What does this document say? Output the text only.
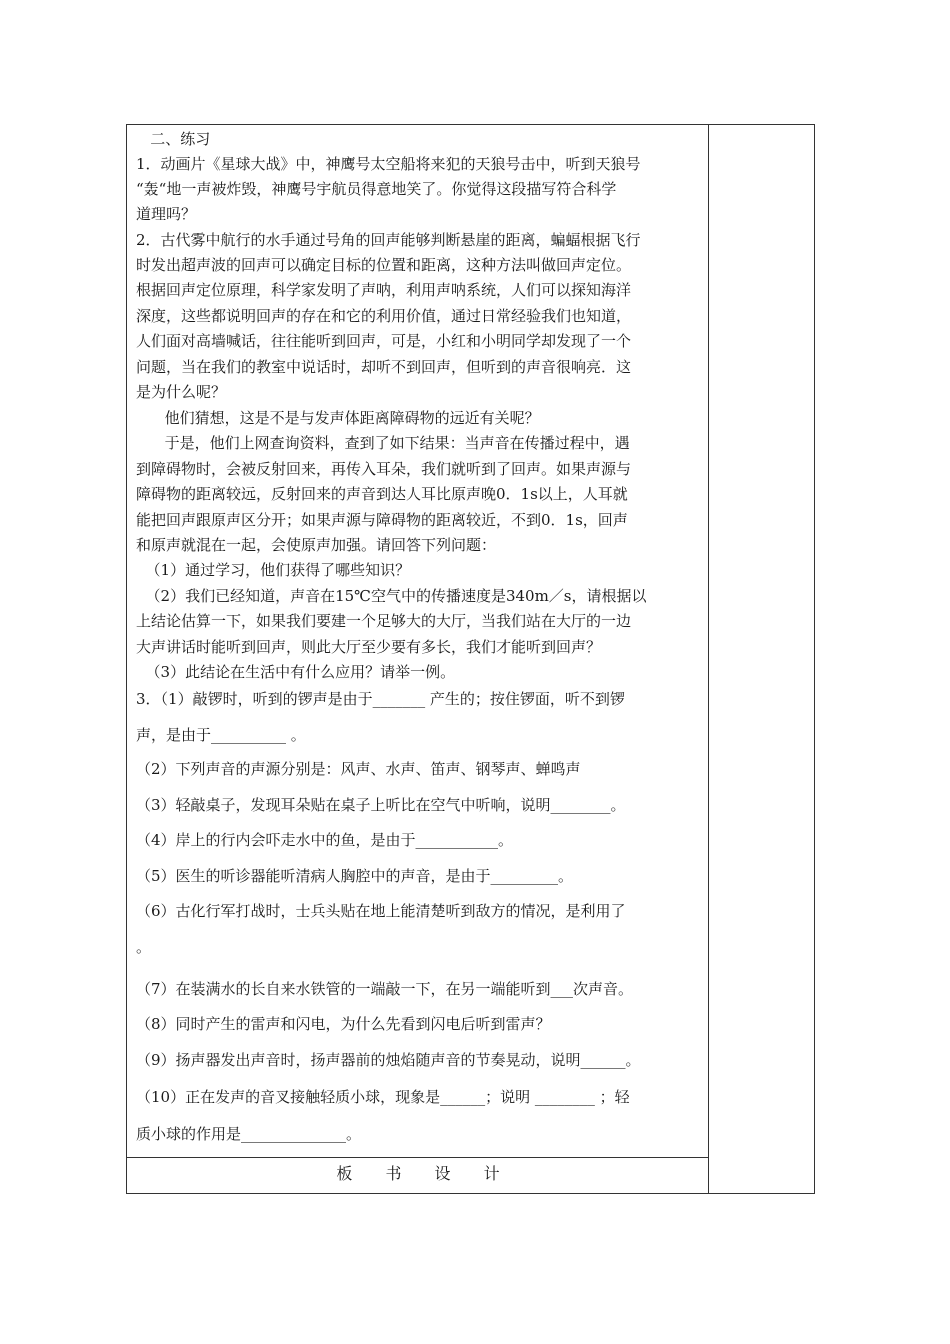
二、练习
1．动画片《星球大战》中，神鹰号太空船将来犯的天狼号击中，听到天狼号
“轰“地一声被炸毁，神鹰号宇航员得意地笑了。你觉得这段描写符合科学
道理吗？
2．古代雾中航行的水手通过号角的回声能够判断悬崖的距离，蝙蝠根据飞行
时发出超声波的回声可以确定目标的位置和距离，这种方法叫做回声定位。
根据回声定位原理，科学家发明了声呐，利用声呐系统，人们可以探知海洋
深度，这些都说明回声的存在和它的利用价值，通过日常经验我们也知道，
人们面对高墙喊话，往往能听到回声，可是，小红和小明同学却发现了一个
问题，当在我们的教室中说话时，却听不到回声，但听到的声音很响亮．这
是为什么呢？
他们猜想，这是不是与发声体距离障碍物的远近有关呢？
于是，他们上网查询资料，查到了如下结果：当声音在传播过程中，遇
到障碍物时，会被反射回来，再传入耳朵，我们就听到了回声。如果声源与
障碍物的距离较远，反射回来的声音到达人耳比原声晚0．1s以上，人耳就
能把回声跟原声区分开；如果声源与障碍物的距离较近，不到0．1s，回声
和原声就混在一起，会使原声加强。请回答下列问题：
（1）通过学习，他们获得了哪些知识？
（2）我们已经知道，声音在15℃空气中的传播速度是340m／s，请根据以
上结论估算一下，如果我们要建一个足够大的大厅，当我们站在大厅的一边
大声讲话时能听到回声，则此大厅至少要有多长，我们才能听到回声？
（3）此结论在生活中有什么应用？请举一例。
3．（1）敲锣时，听到的锣声是由于_______ 产生的；按住锣面，听不到锣
声，是由于__________ 。
（2）下列声音的声源分别是：风声、水声、笛声、钢琴声、蝉鸣声
（3）轻敲桌子，发现耳朵贴在桌子上听比在空气中听响，说明________。
（4）岸上的行内会吓走水中的鱼，是由于___________。
（5）医生的听诊器能听清病人胸腔中的声音，是由于_________。
（6）古化行军打战时，士兵头贴在地上能清楚听到敌方的情况，是利用了
。
（7）在装满水的长自来水铁管的一端敲一下，在另一端能听到___次声音。
（8）同时产生的雷声和闪电，为什么先看到闪电后听到雷声？
（9）扬声器发出声音时，扬声器前的烛焰随声音的节奏晃动，说明______。
（10）正在发声的音叉接触轻质小球，现象是______；说明 ________ ；轻
质小球的作用是______________。
板 书 设 计
